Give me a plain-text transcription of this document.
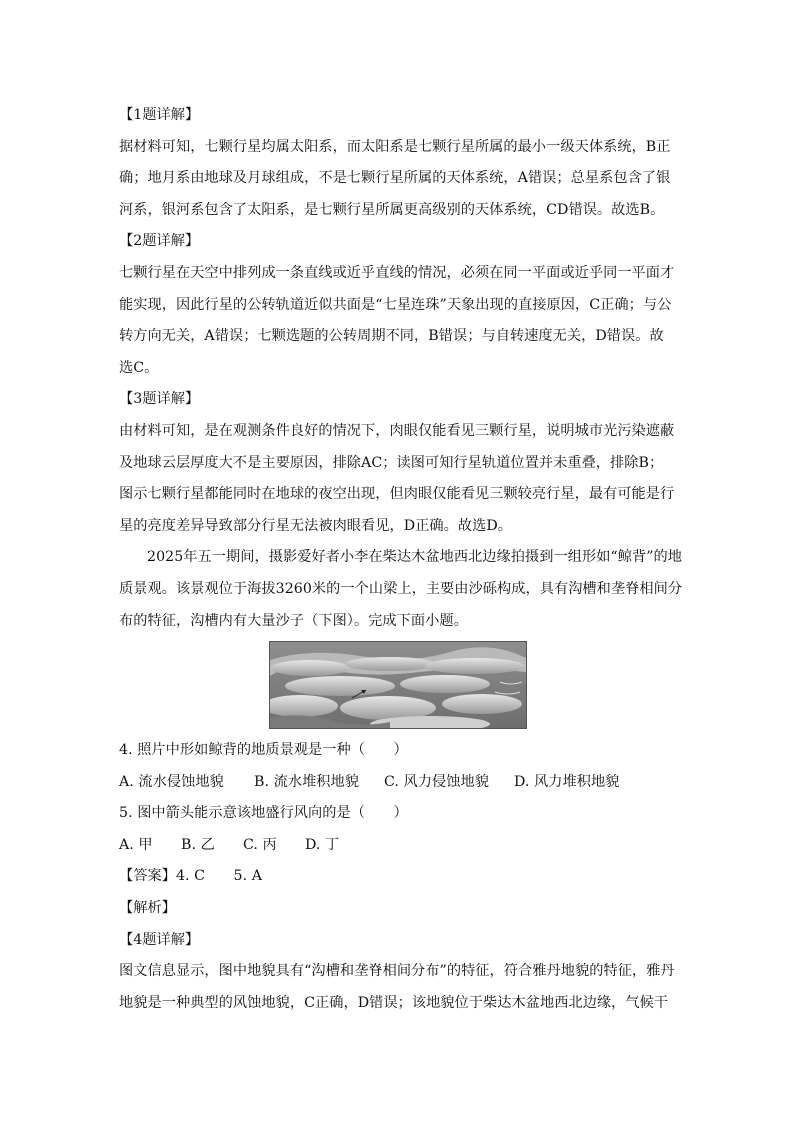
【1题详解】
据材料可知，七颗行星均属太阳系，而太阳系是七颗行星所属的最小一级天体系统，B正
确；地月系由地球及月球组成，不是七颗行星所属的天体系统，A错误；总星系包含了银
河系，银河系包含了太阳系，是七颗行星所属更高级别的天体系统，CD错误。故选B。
【2题详解】
七颗行星在天空中排列成一条直线或近乎直线的情况，必须在同一平面或近乎同一平面才
能实现，因此行星的公转轨道近似共面是“七星连珠”天象出现的直接原因，C正确；与公
转方向无关，A错误；七颗选题的公转周期不同，B错误；与自转速度无关，D错误。故
选C。
【3题详解】
由材料可知，是在观测条件良好的情况下，肉眼仅能看见三颗行星，说明城市光污染遮蔽
及地球云层厚度大不是主要原因，排除AC；读图可知行星轨道位置并未重叠，排除B；
图示七颗行星都能同时在地球的夜空出现，但肉眼仅能看见三颗较亮行星，最有可能是行
星的亮度差异导致部分行星无法被肉眼看见，D正确。故选D。
2025年五一期间，摄影爱好者小李在柴达木盆地西北边缘拍摄到一组形如“鲸背”的地
质景观。该景观位于海拔3260米的一个山梁上，主要由沙砾构成，具有沟槽和垄脊相间分
布的特征，沟槽内有大量沙子（下图）。完成下面小题。
4. 照片中形如鲸背的地质景观是一种（　　）
A. 流水侵蚀地貌 B. 流水堆积地貌 C. 风力侵蚀地貌 D. 风力堆积地貌
5. 图中箭头能示意该地盛行风向的是（　　）
A. 甲 B. 乙 C. 丙 D. 丁
【答案】4. C　　5. A
【解析】
【4题详解】
图文信息显示，图中地貌具有“沟槽和垄脊相间分布”的特征，符合雅丹地貌的特征，雅丹
地貌是一种典型的风蚀地貌，C正确，D错误；该地貌位于柴达木盆地西北边缘，气候干
